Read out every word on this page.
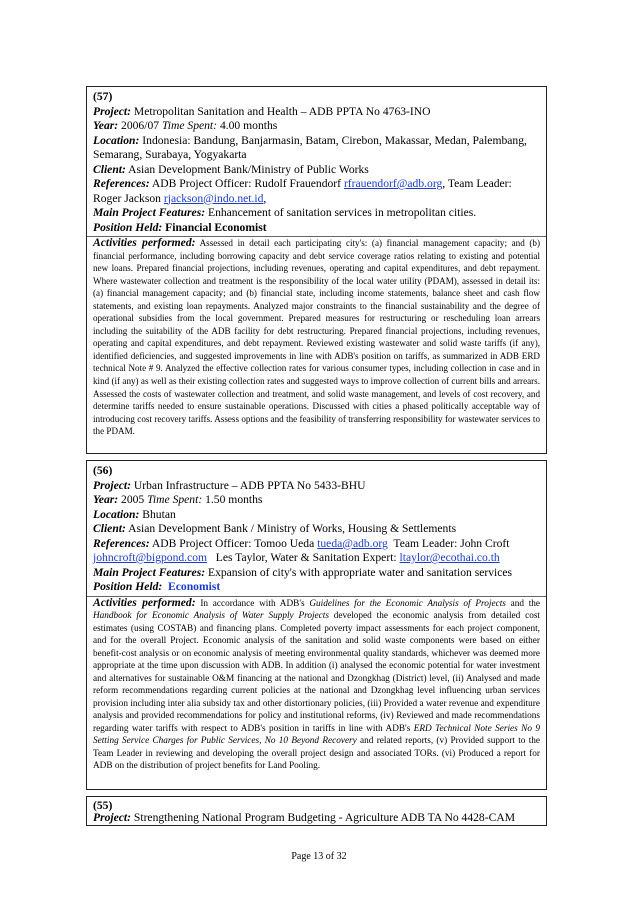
(57)
Project: Metropolitan Sanitation and Health – ADB PPTA No 4763-INO
Year: 2006/07 Time Spent: 4.00 months
Location: Indonesia: Bandung, Banjarmasin, Batam, Cirebon, Makassar, Medan, Palembang,
Semarang, Surabaya, Yogyakarta
Client: Asian Development Bank/Ministry of Public Works
References: ADB Project Officer: Rudolf Frauendorf rfrauendorf@adb.org, Team Leader:
Roger Jackson rjackson@indo.net.id,
Main Project Features: Enhancement of sanitation services in metropolitan cities.
Position Held: Financial Economist
Activities performed: Assessed in detail each participating city's: (a) financial management capacity; and (b) financial performance, including borrowing capacity and debt service coverage ratios relating to existing and potential new loans. Prepared financial projections, including revenues, operating and capital expenditures, and debt repayment. Where wastewater collection and treatment is the responsibility of the local water utility (PDAM), assessed in detail its: (a) financial management capacity; and (b) financial state, including income statements, balance sheet and cash flow statements, and existing loan repayments. Analyzed major constraints to the financial sustainability and the degree of operational subsidies from the local government. Prepared measures for restructuring or rescheduling loan arrears including the suitability of the ADB facility for debt restructuring. Prepared financial projections, including revenues, operating and capital expenditures, and debt repayment. Reviewed existing wastewater and solid waste tariffs (if any), identified deficiencies, and suggested improvements in line with ADB's position on tariffs, as summarized in ADB ERD technical Note # 9. Analyzed the effective collection rates for various consumer types, including collection in case and in kind (if any) as well as their existing collection rates and suggested ways to improve collection of current bills and arrears. Assessed the costs of wastewater collection and treatment, and solid waste management, and levels of cost recovery, and determine tariffs needed to ensure sustainable operations. Discussed with cities a phased politically acceptable way of introducing cost recovery tariffs. Assess options and the feasibility of transferring responsibility for wastewater services to the PDAM.
(56)
Project: Urban Infrastructure – ADB PPTA No 5433-BHU
Year: 2005 Time Spent: 1.50 months
Location: Bhutan
Client: Asian Development Bank / Ministry of Works, Housing & Settlements
References: ADB Project Officer: Tomoo Ueda tueda@adb.org Team Leader: John Croft
johncroft@bigpond.com Les Taylor, Water & Sanitation Expert: ltaylor@ecothai.co.th
Main Project Features: Expansion of city's with appropriate water and sanitation services
Position Held: Economist
Activities performed: In accordance with ADB's Guidelines for the Economic Analysis of Projects and the Handbook for Economic Analysis of Water Supply Projects developed the economic analysis from detailed cost estimates (using COSTAB) and financing plans. Completed poverty impact assessments for each project component, and for the overall Project. Economic analysis of the sanitation and solid waste components were based on either benefit-cost analysis or on economic analysis of meeting environmental quality standards, whichever was deemed more appropriate at the time upon discussion with ADB. In addition (i) analysed the economic potential for water investment and alternatives for sustainable O&M financing at the national and Dzongkhag (District) level, (ii) Analysed and made reform recommendations regarding current policies at the national and Dzongkhag level influencing urban services provision including inter alia subsidy tax and other distortionary policies, (iii) Provided a water revenue and expenditure analysis and provided recommendations for policy and institutional reforms, (iv) Reviewed and made recommendations regarding water tariffs with respect to ADB's position in tariffs in line with ADB's ERD Technical Note Series No 9 Setting Service Charges for Public Services, No 10 Beyond Recovery and related reports, (v) Provided support to the Team Leader in reviewing and developing the overall project design and associated TORs. (vi) Produced a report for ADB on the distribution of project benefits for Land Pooling.
(55)
Project: Strengthening National Program Budgeting - Agriculture ADB TA No 4428-CAM
Page 13 of 32
